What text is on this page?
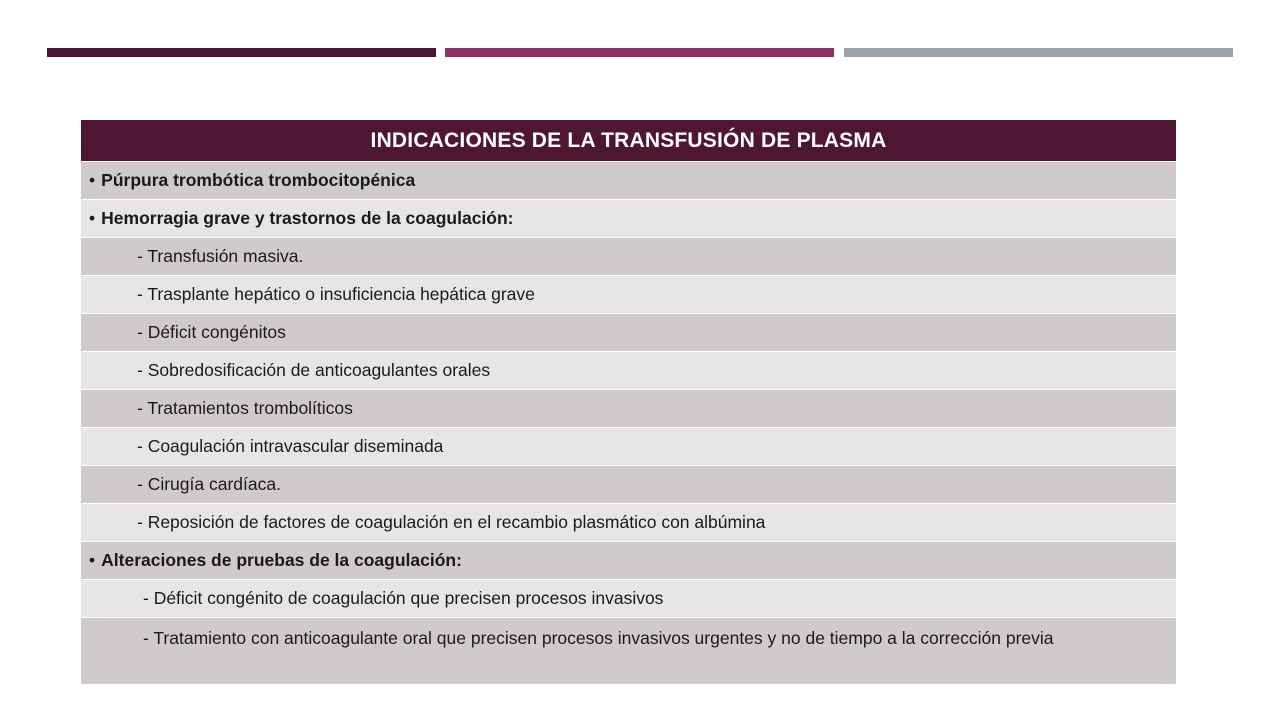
INDICACIONES DE LA TRANSFUSIÓN DE PLASMA
• Púrpura trombótica trombocitopénica
• Hemorragia grave y trastornos de la coagulación:
- Transfusión masiva.
- Trasplante hepático o insuficiencia hepática grave
- Déficit congénitos
- Sobredosificación de anticoagulantes orales
- Tratamientos trombolíticos
- Coagulación intravascular diseminada
- Cirugía cardíaca.
- Reposición de factores de coagulación en el recambio plasmático con albúmina
• Alteraciones de pruebas de la coagulación:
- Déficit congénito de coagulación que precisen procesos invasivos
- Tratamiento con anticoagulante oral que precisen procesos invasivos urgentes y no de tiempo a la corrección previa
